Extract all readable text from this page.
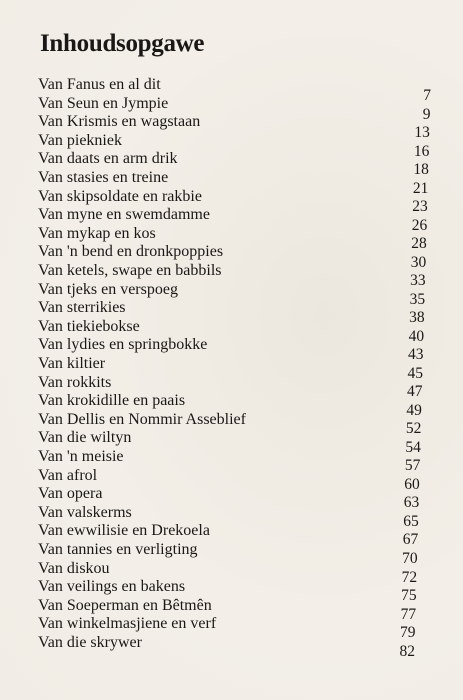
Inhoudsopgawe
Van Fanus en al dit
7
Van Seun en Jympie
9
Van Krismis en wagstaan
13
Van piekniek
16
Van daats en arm drik
18
Van stasies en treine
21
Van skipsoldate en rakbie
23
Van myne en swemdamme
26
Van mykap en kos
28
Van 'n bend en dronkpoppies
30
Van ketels, swape en babbils
33
Van tjeks en verspoeg
35
Van sterrikies
38
Van tiekiebokse
40
Van lydies en springbokke
43
Van kiltier
45
Van rokkits
47
Van krokidille en paais
49
Van Dellis en Nommir Asseblief
52
Van die wiltyn
54
Van 'n meisie
57
Van afrol
60
Van opera
63
Van valskerms
65
Van ewwilisie en Drekoela
67
Van tannies en verligting
70
Van diskou
72
Van veilings en bakens
75
Van Soeperman en Bêtmên
77
Van winkelmasjiene en verf
79
Van die skrywer
82
